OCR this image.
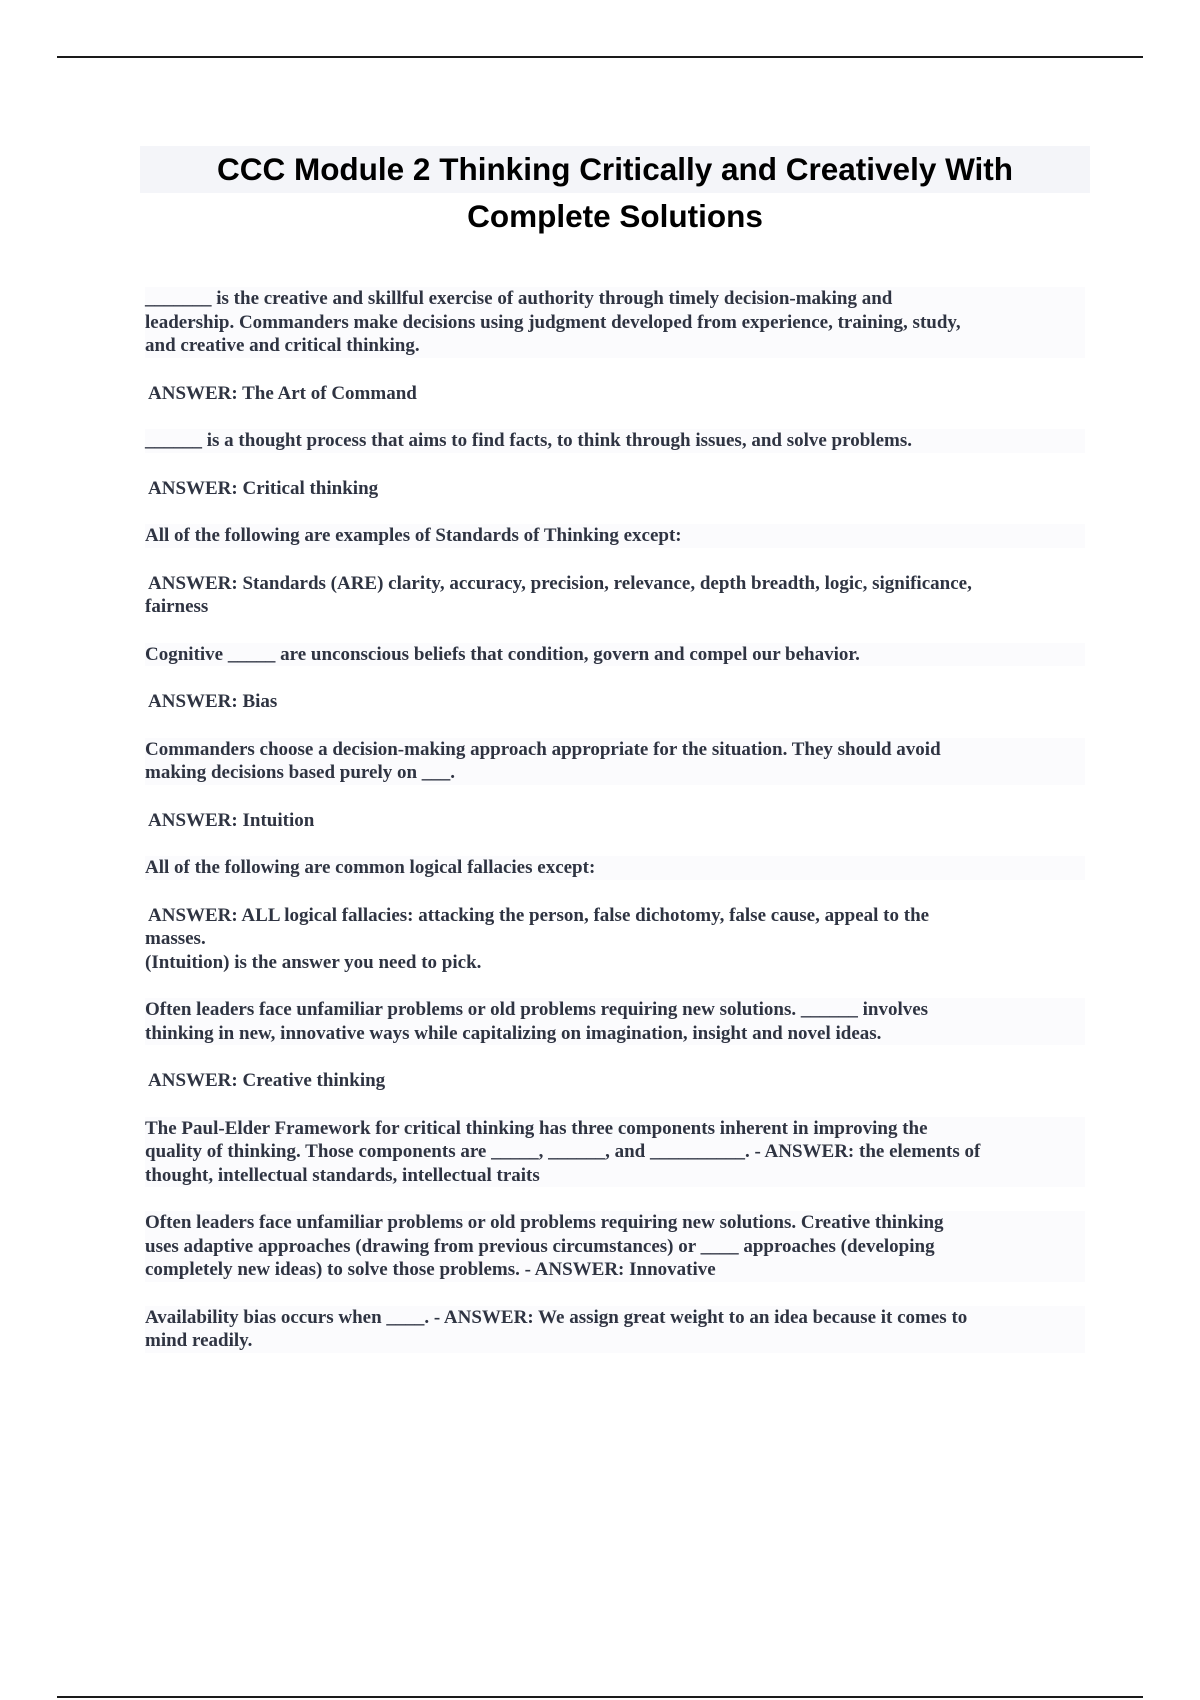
CCC Module 2 Thinking Critically and Creatively With
Complete Solutions
_______ is the creative and skillful exercise of authority through timely decision-making and
leadership. Commanders make decisions using judgment developed from experience, training, study,
and creative and critical thinking.
ANSWER: The Art of Command
______ is a thought process that aims to find facts, to think through issues, and solve problems.
ANSWER: Critical thinking
All of the following are examples of Standards of Thinking except:
ANSWER: Standards (ARE) clarity, accuracy, precision, relevance, depth breadth, logic, significance,
fairness
Cognitive _____ are unconscious beliefs that condition, govern and compel our behavior.
ANSWER: Bias
Commanders choose a decision-making approach appropriate for the situation. They should avoid
making decisions based purely on ___.
ANSWER: Intuition
All of the following are common logical fallacies except:
ANSWER: ALL logical fallacies: attacking the person, false dichotomy, false cause, appeal to the
masses.
(Intuition) is the answer you need to pick.
Often leaders face unfamiliar problems or old problems requiring new solutions. ______ involves
thinking in new, innovative ways while capitalizing on imagination, insight and novel ideas.
ANSWER: Creative thinking
The Paul-Elder Framework for critical thinking has three components inherent in improving the
quality of thinking. Those components are _____, ______, and __________. - ANSWER: the elements of
thought, intellectual standards, intellectual traits
Often leaders face unfamiliar problems or old problems requiring new solutions. Creative thinking
uses adaptive approaches (drawing from previous circumstances) or ____ approaches (developing
completely new ideas) to solve those problems. - ANSWER: Innovative
Availability bias occurs when ____. - ANSWER: We assign great weight to an idea because it comes to
mind readily.
